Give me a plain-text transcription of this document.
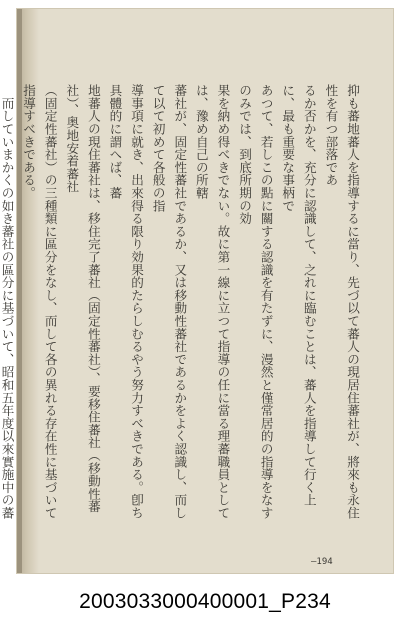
抑も蕃地蕃人を指導するに當り、先づ以て蕃人の現居住蕃社が、將來も永住性を有つ部落であ

るか否かを、充分に認識して、之れに臨むことは、蕃人を指導して行く上に、最も重要な事柄で

あつて、若しこの點に關する認識を有たずに、漫然と僅常居的の指導をなすのみでは、到底所期の効

果を納め得べきでない。故に第一線に立つて指導の任に當る理蕃職員としては、豫め自己の所轄

蕃社が、固定性蕃社であるか、又は移動性蕃社であるかをよく認識し、而して以て初めて各般の指

導事項に就き、出來得る限り効果的たらしむるやう努力すべきである。卽ち具體的に謂へば、蕃

地蕃人の現住蕃社は、移住完了蕃社（固定性蕃社）、要移住蕃社（移動性蕃社）、奥地安着蕃社

（固定性蕃社）の三種類に區分をなし、而して各の異れる存在性に基づいて指導すべきである。

　而していまかくの如き蕃社の區分に基づいて、昭和五年度以來實施中の蕃

—194
2003033000400001_P234
